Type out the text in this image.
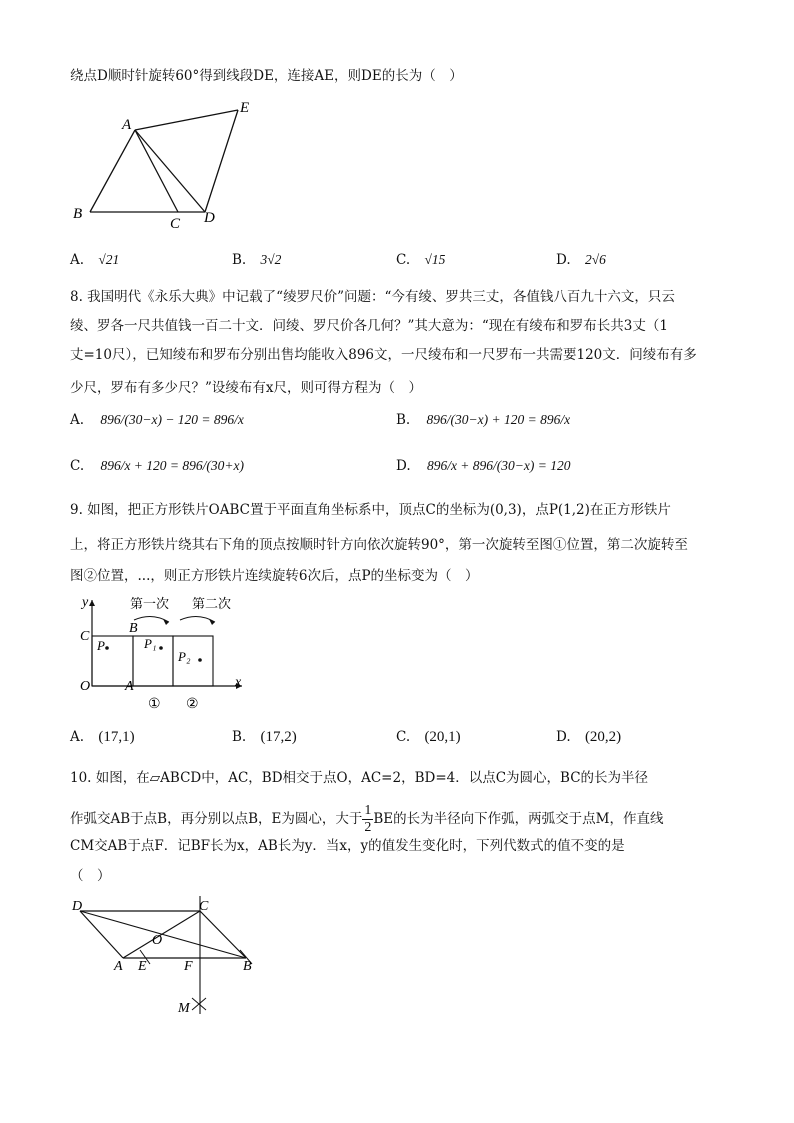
绕点D顺时针旋转60°得到线段DE，连接AE，则DE的长为（　）
A
B
C D
E
A. √21	B. 3√2	C. √15	D. 2√6
8. 我国明代《永乐大典》中记载了“绫罗尺价”问题：“今有绫、罗共三丈，各值钱八百九十六文，只云
绫、罗各一尺共值钱一百二十文．问绫、罗尺价各几何？”其大意为：“现在有绫布和罗布长共3丈（1
丈=10尺），已知绫布和罗布分别出售均能收入896文，一尺绫布和一尺罗布一共需要120文．问绫布有多
少尺，罗布有多少尺？”设绫布有x尺，则可得方程为（　）
A. 896/(30−x) − 120 = 896/x	B. 896/(30−x) + 120 = 896/x
C. 896/x + 120 = 896/(30+x)	D. 896/x + 896/(30−x) = 120
9. 如图，把正方形铁片OABC置于平面直角坐标系中，顶点C的坐标为(0,3)，点P(1,2)在正方形铁片
上，将正方形铁片绕其右下角的顶点按顺时针方向依次旋转90°，第一次旋转至图①位置，第二次旋转至
图②位置，...，则正方形铁片连续旋转6次后，点P的坐标变为（　）
第一次 第二次
y
x
C
B
O A
P	P₁
P₂
① ②
A. (17,1)	B. (17,2)	C. (20,1)	D. (20,2)
10. 如图，在▱ABCD中，AC，BD相交于点O，AC=2，BD=4．以点C为圆心，BC的长为半径
作弧交AB于点B，再分别以点B，E为圆心，大于 $\frac{1}{2}$ BE的长为半径向下作弧，两弧交于点M，作直线
CM交AB于点F．记BF长为x，AB长为y．当x，y的值发生变化时，下列代数式的值不变的是
（　）
D	C
O
A E	F	B
M
